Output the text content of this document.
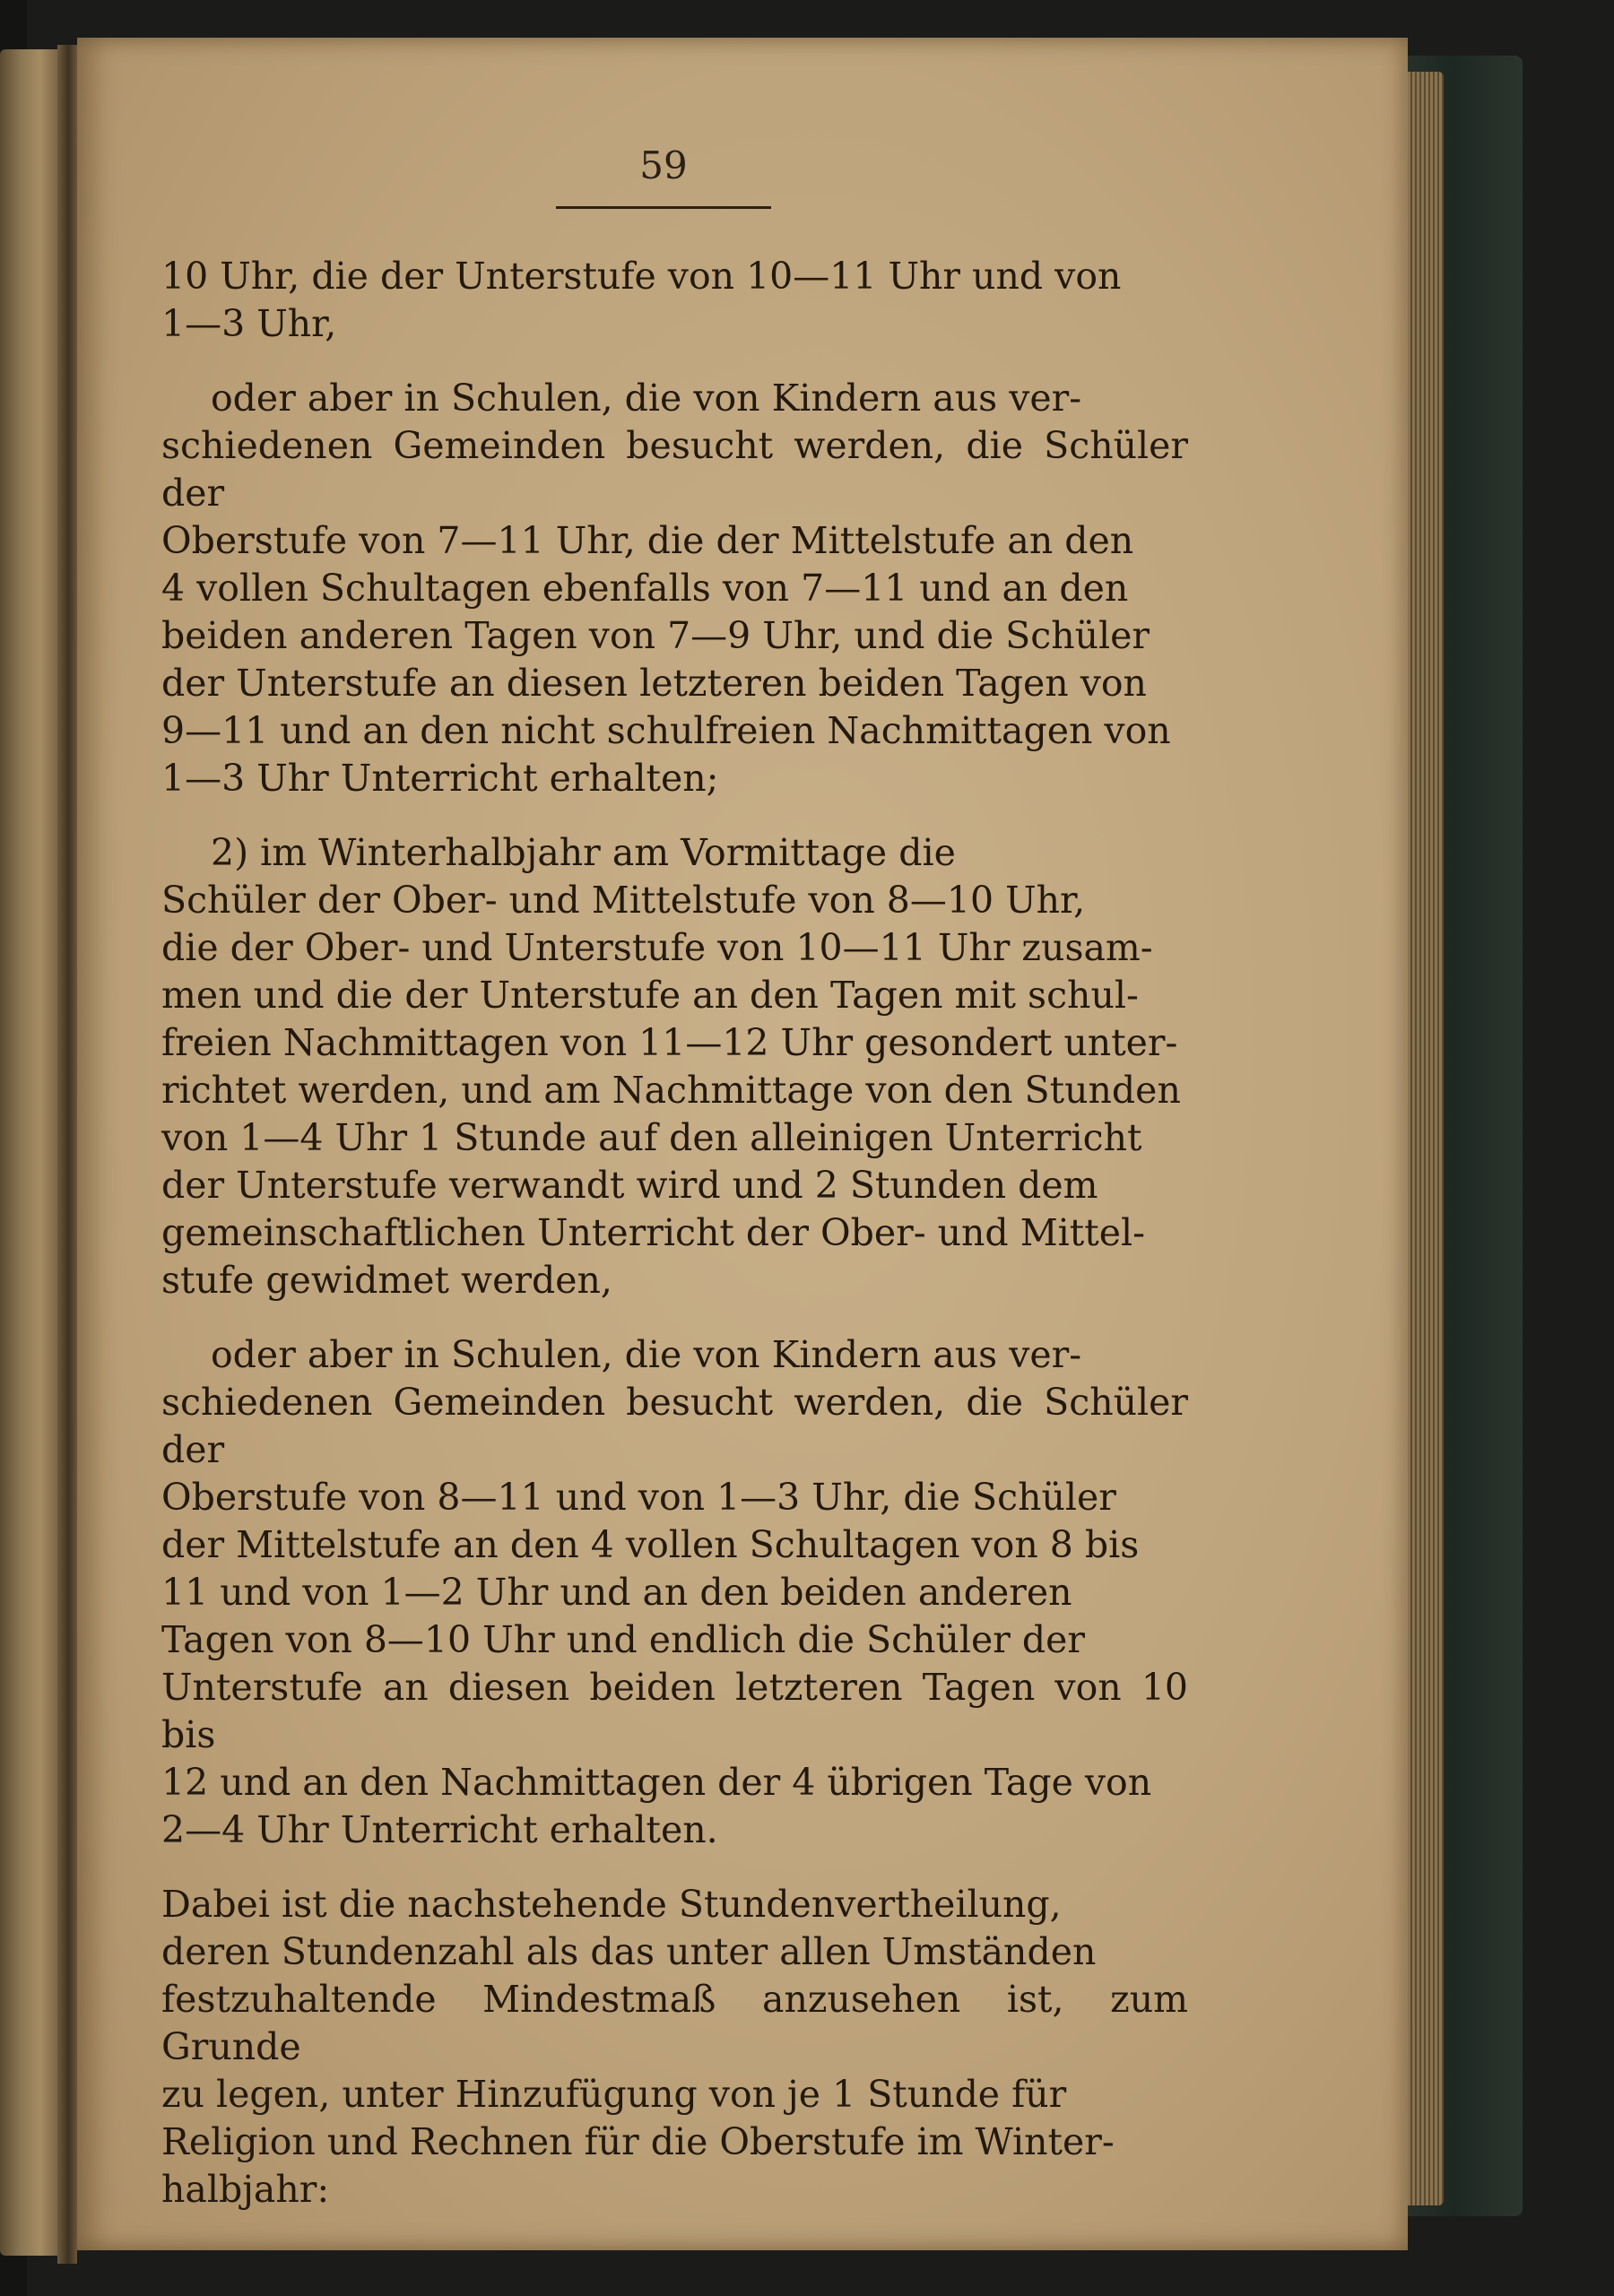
59
10 Uhr, die der Unterstufe von 10—11 Uhr und von
1—3 Uhr,
oder aber in Schulen, die von Kindern aus ver-
schiedenen Gemeinden besucht werden, die Schüler der
Oberstufe von 7—11 Uhr, die der Mittelstufe an den
4 vollen Schultagen ebenfalls von 7—11 und an den
beiden anderen Tagen von 7—9 Uhr, und die Schüler
der Unterstufe an diesen letzteren beiden Tagen von
9—11 und an den nicht schulfreien Nachmittagen von
1—3 Uhr Unterricht erhalten;
2) im Winterhalbjahr am Vormittage die
Schüler der Ober- und Mittelstufe von 8—10 Uhr,
die der Ober- und Unterstufe von 10—11 Uhr zusam-
men und die der Unterstufe an den Tagen mit schul-
freien Nachmittagen von 11—12 Uhr gesondert unter-
richtet werden, und am Nachmittage von den Stunden
von 1—4 Uhr 1 Stunde auf den alleinigen Unterricht
der Unterstufe verwandt wird und 2 Stunden dem
gemeinschaftlichen Unterricht der Ober- und Mittel-
stufe gewidmet werden,
oder aber in Schulen, die von Kindern aus ver-
schiedenen Gemeinden besucht werden, die Schüler der
Oberstufe von 8—11 und von 1—3 Uhr, die Schüler
der Mittelstufe an den 4 vollen Schultagen von 8 bis
11 und von 1—2 Uhr und an den beiden anderen
Tagen von 8—10 Uhr und endlich die Schüler der
Unterstufe an diesen beiden letzteren Tagen von 10 bis
12 und an den Nachmittagen der 4 übrigen Tage von
2—4 Uhr Unterricht erhalten.
Dabei ist die nachstehende Stundenvertheilung,
deren Stundenzahl als das unter allen Umständen
festzuhaltende Mindestmaß anzusehen ist, zum Grunde
zu legen, unter Hinzufügung von je 1 Stunde für
Religion und Rechnen für die Oberstufe im Winter-
halbjahr:
